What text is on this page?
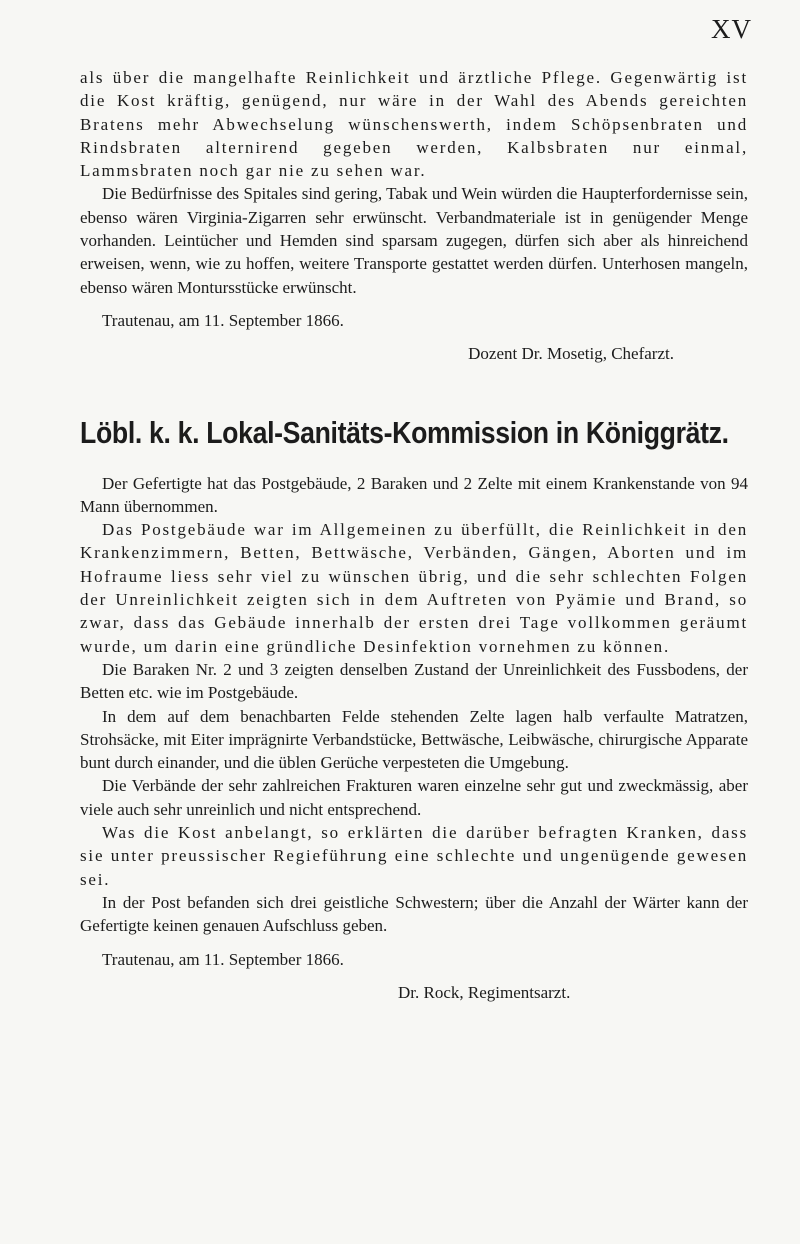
XV

als über die mangelhafte Reinlichkeit und ärztliche Pflege. Gegenwärtig ist die Kost kräftig, genügend, nur wäre in der Wahl des Abends gereichten Bratens mehr Abwechselung wünschenswerth, indem Schöpsenbraten und Rindsbraten alternirend gegeben werden, Kalbsbraten nur einmal, Lammsbraten noch gar nie zu sehen war.

Die Bedürfnisse des Spitales sind gering, Tabak und Wein würden die Haupterfordernisse sein, ebenso wären Virginia-Zigarren sehr erwünscht. Verbandmateriale ist in genügender Menge vorhanden. Leintücher und Hemden sind sparsam zugegen, dürfen sich aber als hinreichend erweisen, wenn, wie zu hoffen, weitere Transporte gestattet werden dürfen. Unterhosen mangeln, ebenso wären Montursstücke erwünscht.

Trautenau, am 11. September 1866.

Dozent Dr. Mosetig, Chefarzt.

Löbl. k. k. Lokal-Sanitäts-Kommission in Königgrätz.

Der Gefertigte hat das Postgebäude, 2 Baraken und 2 Zelte mit einem Krankenstande von 94 Mann übernommen.

Das Postgebäude war im Allgemeinen zu überfüllt, die Reinlichkeit in den Krankenzimmern, Betten, Bettwäsche, Verbänden, Gängen, Aborten und im Hofraume liess sehr viel zu wünschen übrig, und die sehr schlechten Folgen der Unreinlichkeit zeigten sich in dem Auftreten von Pyämie und Brand, so zwar, dass das Gebäude innerhalb der ersten drei Tage vollkommen geräumt wurde, um darin eine gründliche Desinfektion vornehmen zu können.

Die Baraken Nr. 2 und 3 zeigten denselben Zustand der Unreinlichkeit des Fussbodens, der Betten etc. wie im Postgebäude.

In dem auf dem benachbarten Felde stehenden Zelte lagen halb verfaulte Matratzen, Strohsäcke, mit Eiter imprägnirte Verbandstücke, Bettwäsche, Leibwäsche, chirurgische Apparate bunt durch einander, und die üblen Gerüche verpesteten die Umgebung.

Die Verbände der sehr zahlreichen Frakturen waren einzelne sehr gut und zweckmässig, aber viele auch sehr unreinlich und nicht entsprechend.

Was die Kost anbelangt, so erklärten die darüber befragten Kranken, dass sie unter preussischer Regieführung eine schlechte und ungenügende gewesen sei.

In der Post befanden sich drei geistliche Schwestern; über die Anzahl der Wärter kann der Gefertigte keinen genauen Aufschluss geben.

Trautenau, am 11. September 1866.

Dr. Rock, Regimentsarzt.
